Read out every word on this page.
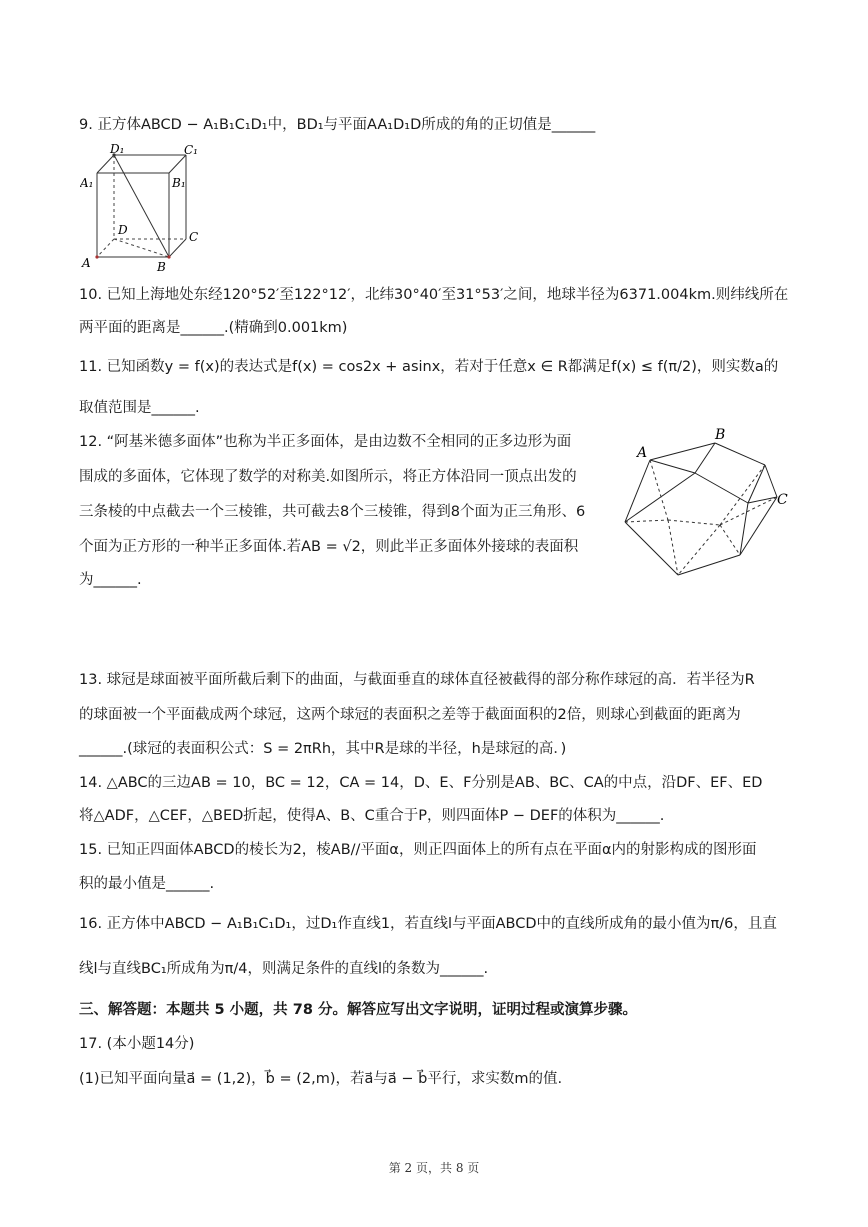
9. 正方体ABCD − A₁B₁C₁D₁中，BD₁与平面AA₁D₁D所成的角的正切值是______
D₁	C₁
A₁	B₁
D	C
A	B
10. 已知上海地处东经120°52′至122°12′，北纬30°40′至31°53′之间，地球半径为6371.004km.则纬线所在
两平面的距离是______.(精确到0.001km)
11. 已知函数y = f(x)的表达式是f(x) = cos2x + asinx，若对于任意x ∈ R都满足f(x) ≤ f(π/2)，则实数a的
取值范围是______.
12. “阿基米德多面体”也称为半正多面体，是由边数不全相同的正多边形为面
围成的多面体，它体现了数学的对称美.如图所示，将正方体沿同一顶点出发的
三条棱的中点截去一个三棱锥，共可截去8个三棱锥，得到8个面为正三角形、6
个面为正方形的一种半正多面体.若AB = √2，则此半正多面体外接球的表面积
为______.
A
B
C
13. 球冠是球面被平面所截后剩下的曲面，与截面垂直的球体直径被截得的部分称作球冠的高．若半径为R
的球面被一个平面截成两个球冠，这两个球冠的表面积之差等于截面面积的2倍，则球心到截面的距离为
______.(球冠的表面积公式：S = 2πRh，其中R是球的半径，h是球冠的高．)
14. △ABC的三边AB = 10，BC = 12，CA = 14，D、E、F分别是AB、BC、CA的中点，沿DF、EF、ED
将△ADF，△CEF，△BED折起，使得A、B、C重合于P，则四面体P − DEF的体积为______.
15. 已知正四面体ABCD的棱长为2，棱AB//平面α，则正四面体上的所有点在平面α内的射影构成的图形面
积的最小值是______.
16. 正方体中ABCD − A₁B₁C₁D₁，过D₁作直线1，若直线l与平面ABCD中的直线所成角的最小值为π/6，且直
线l与直线BC₁所成角为π/4，则满足条件的直线l的条数为______.
三、解答题：本题共 5 小题，共 78 分。解答应写出文字说明，证明过程或演算步骤。
17. (本小题14分)
(1)已知平面向量a⃗ = (1,2)，b⃗ = (2,m)，若a⃗与a⃗ − b⃗平行，求实数m的值.
第 2 页，共 8 页
